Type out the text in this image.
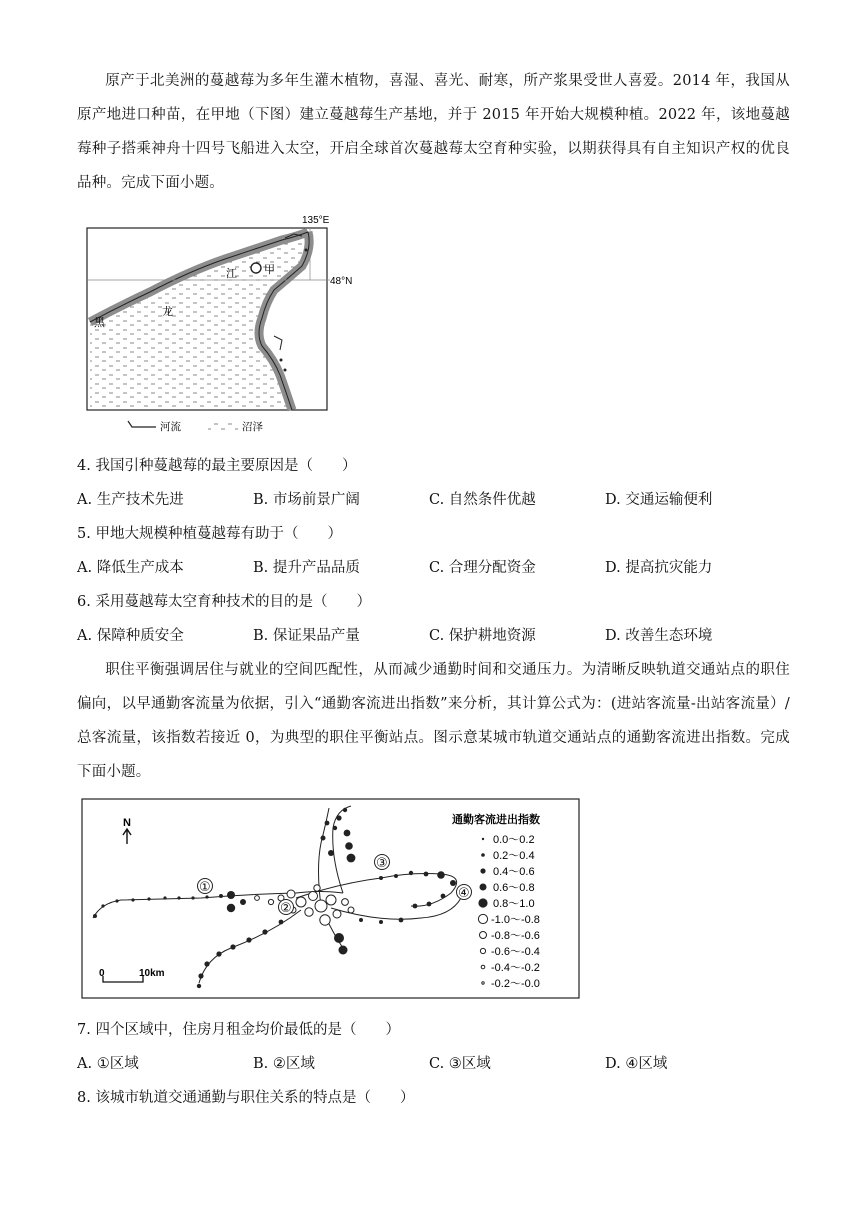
原产于北美洲的蔓越莓为多年生灌木植物，喜湿、喜光、耐寒，所产浆果受世人喜爱。2014 年，我国从原产地进口种苗，在甲地（下图）建立蔓越莓生产基地，并于 2015 年开始大规模种植。2022 年，该地蔓越莓种子搭乘神舟十四号飞船进入太空，开启全球首次蔓越莓太空育种实验，以期获得具有自主知识产权的优良品种。完成下面小题。
135°E
48°N
甲
黑
龙
江
河流	沼泽
4. 我国引种蔓越莓的最主要原因是（　　）
A. 生产技术先进	B. 市场前景广阔	C. 自然条件优越	D. 交通运输便利
5. 甲地大规模种植蔓越莓有助于（　　）
A. 降低生产成本	B. 提升产品品质	C. 合理分配资金	D. 提高抗灾能力
6. 采用蔓越莓太空育种技术的目的是（　　）
A. 保障种质安全	B. 保证果品产量	C. 保护耕地资源	D. 改善生态环境
职住平衡强调居住与就业的空间匹配性，从而减少通勤时间和交通压力。为清晰反映轨道交通站点的职住偏向，以早通勤客流量为依据，引入“通勤客流进出指数”来分析，其计算公式为：(进站客流量-出站客流量）/总客流量，该指数若接近 0，为典型的职住平衡站点。图示意某城市轨道交通站点的通勤客流进出指数。完成下面小题。
N
0	10km
①
②
③
④
通勤客流进出指数
0.0～0.2
0.2～0.4
0.4～0.6
0.6～0.8
0.8～1.0
-1.0～-0.8
-0.8～-0.6
-0.6～-0.4
-0.4～-0.2
-0.2～-0.0
7. 四个区域中，住房月租金均价最低的是（　　）
A. ①区域	B. ②区域	C. ③区域	D. ④区域
8. 该城市轨道交通通勤与职住关系的特点是（　　）
